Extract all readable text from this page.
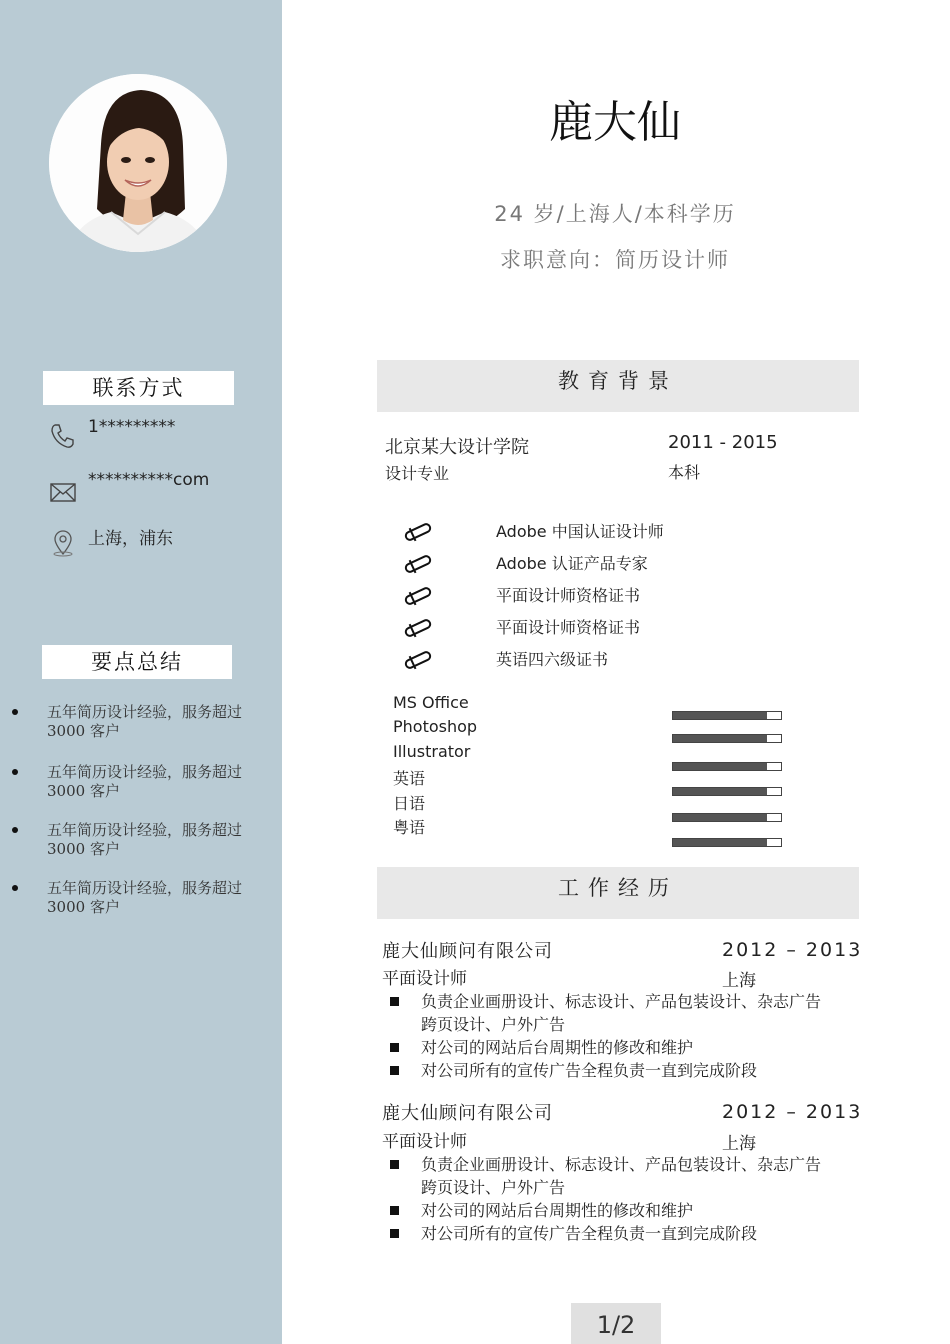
联系方式
1*********
**********com
上海，浦东
要点总结
五年简历设计经验，服务超过 3000 客户
五年简历设计经验，服务超过 3000 客户
五年简历设计经验，服务超过 3000 客户
五年简历设计经验，服务超过 3000 客户
鹿大仙
24 岁/上海人/本科学历
求职意向：简历设计师
教育背景
北京某大设计学院
设计专业
2011 - 2015
本科
Adobe 中国认证设计师
Adobe 认证产品专家
平面设计师资格证书
平面设计师资格证书
英语四六级证书
MS Office
Photoshop
Illustrator
英语
日语
粤语
工作经历
鹿大仙顾问有限公司
平面设计师
2012 – 2013
上海
负责企业画册设计、标志设计、产品包装设计、杂志广告跨页设计、户外广告
对公司的网站后台周期性的修改和维护
对公司所有的宣传广告全程负责一直到完成阶段
鹿大仙顾问有限公司
平面设计师
2012 – 2013
上海
负责企业画册设计、标志设计、产品包装设计、杂志广告跨页设计、户外广告
对公司的网站后台周期性的修改和维护
对公司所有的宣传广告全程负责一直到完成阶段
1/2
